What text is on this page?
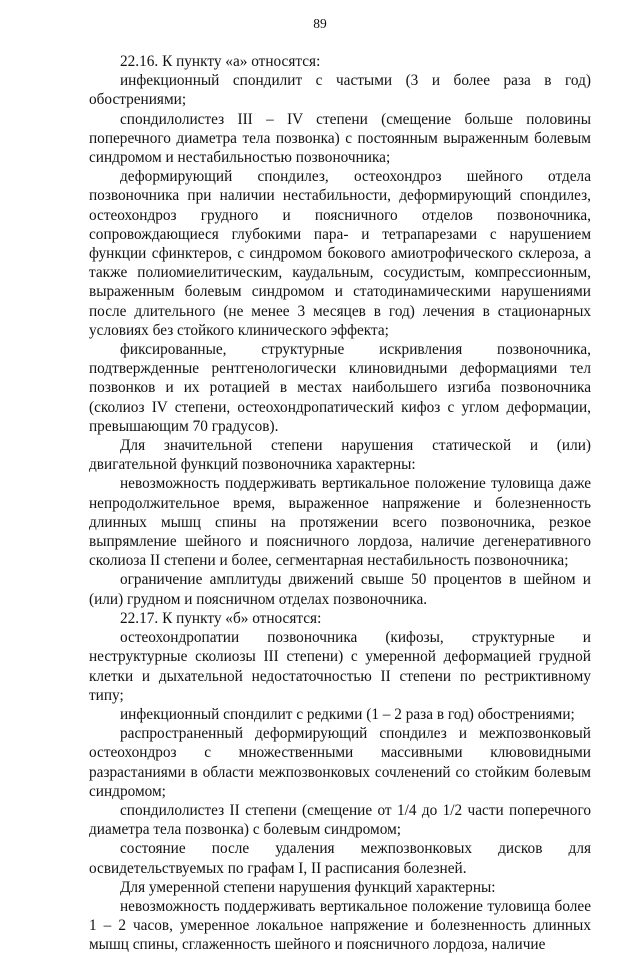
89

22.16. К пункту «а» относятся:

инфекционный спондилит с частыми (3 и более раза в год) обострениями;

спондилолистез III – IV степени (смещение больше половины поперечного диаметра тела позвонка) с постоянным выраженным болевым синдромом и нестабильностью позвоночника;

деформирующий спондилез, остеохондроз шейного отдела позвоночника при наличии нестабильности, деформирующий спондилез, остеохондроз грудного и поясничного отделов позвоночника, сопровождающиеся глубокими пара- и тетрапарезами с нарушением функции сфинктеров, с синдромом бокового амиотрофического склероза, а также полиомиелитическим, каудальным, сосудистым, компрессионным, выраженным болевым синдромом и статодинамическими нарушениями после длительного (не менее 3 месяцев в год) лечения в стационарных условиях без стойкого клинического эффекта;

фиксированные, структурные искривления позвоночника, подтвержденные рентгенологически клиновидными деформациями тел позвонков и их ротацией в местах наибольшего изгиба позвоночника (сколиоз IV степени, остеохондропатический кифоз с углом деформации, превышающим 70 градусов).

Для значительной степени нарушения статической и (или) двигательной функций позвоночника характерны:

невозможность поддерживать вертикальное положение туловища даже непродолжительное время, выраженное напряжение и болезненность длинных мышц спины на протяжении всего позвоночника, резкое выпрямление шейного и поясничного лордоза, наличие дегенеративного сколиоза II степени и более, сегментарная нестабильность позвоночника;

ограничение амплитуды движений свыше 50 процентов в шейном и (или) грудном и поясничном отделах позвоночника.

22.17. К пункту «б» относятся:

остеохондропатии позвоночника (кифозы, структурные и неструктурные сколиозы III степени) с умеренной деформацией грудной клетки и дыхательной недостаточностью II степени по рестриктивному типу;

инфекционный спондилит с редкими (1 – 2 раза в год) обострениями;

распространенный деформирующий спондилез и межпозвонковый остеохондроз с множественными массивными клювовидными разрастаниями в области межпозвонковых сочленений со стойким болевым синдромом;

спондилолистез II степени (смещение от 1/4 до 1/2 части поперечного диаметра тела позвонка) с болевым синдромом;

состояние после удаления межпозвонковых дисков для освидетельствуемых по графам I, II расписания болезней.

Для умеренной степени нарушения функций характерны:

невозможность поддерживать вертикальное положение туловища более 1 – 2 часов, умеренное локальное напряжение и болезненность длинных мышц спины, сглаженность шейного и поясничного лордоза, наличие
